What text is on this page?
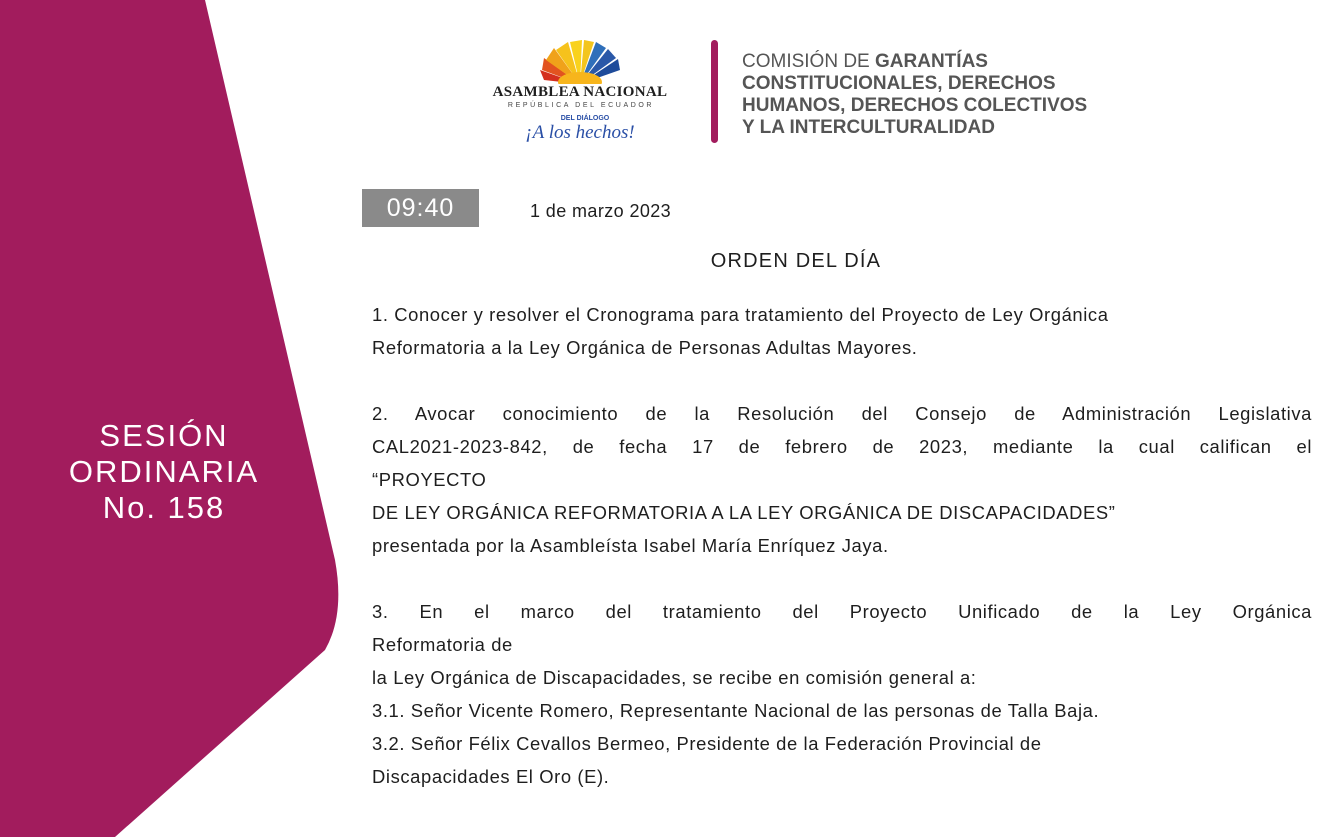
SESIÓN
ORDINARIA
No. 158
ASAMBLEA NACIONAL
REPÚBLICA DEL ECUADOR
DEL DIÁLOGO
¡A los hechos!
COMISIÓN DE GARANTÍAS
CONSTITUCIONALES, DERECHOS
HUMANOS, DERECHOS COLECTIVOS
Y LA INTERCULTURALIDAD
09:40	1 de marzo 2023
ORDEN DEL DÍA

1. Conocer y resolver el Cronograma para tratamiento del Proyecto de Ley Orgánica

Reformatoria a la Ley Orgánica de Personas Adultas Mayores.

2. Avocar conocimiento de la Resolución del Consejo de Administración Legislativa

CAL2021-2023-842, de fecha 17 de febrero de 2023, mediante la cual califican el

“PROYECTO

DE LEY ORGÁNICA REFORMATORIA A LA LEY ORGÁNICA DE DISCAPACIDADES”

presentada por la Asambleísta Isabel María Enríquez Jaya.

3. En el marco del tratamiento del Proyecto Unificado de la Ley Orgánica

Reformatoria de

la Ley Orgánica de Discapacidades, se recibe en comisión general a:

3.1. Señor Vicente Romero, Representante Nacional de las personas de Talla Baja.

3.2. Señor Félix Cevallos Bermeo, Presidente de la Federación Provincial de

Discapacidades El Oro (E).
